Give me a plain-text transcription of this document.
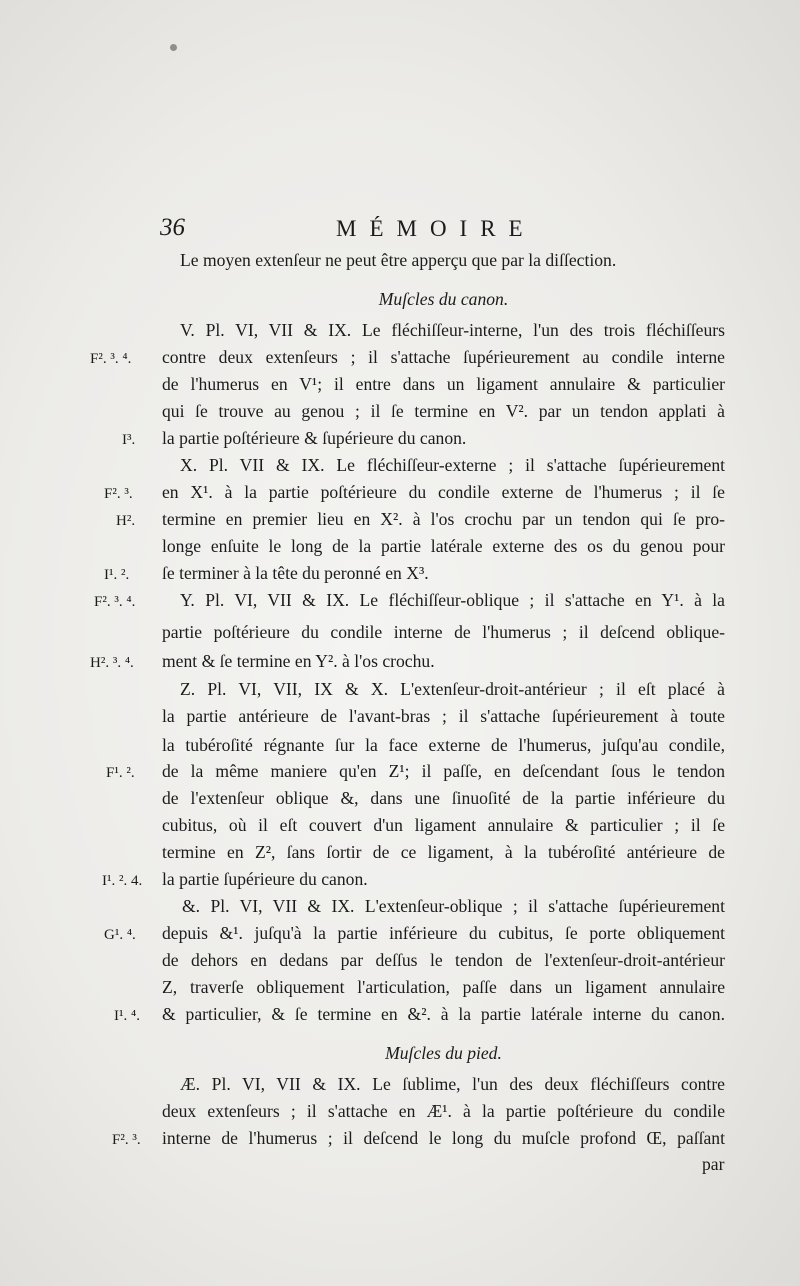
36	MÉMOIRE
Le moyen extenſeur ne peut être apperçu que par la diſſection.
Muſcles du canon.
V. Pl. VI, VII & IX. Le fléchiſſeur-interne, l'un des trois fléchiſſeurs
contre deux extenſeurs ; il s'attache ſupérieurement au condile interne
de l'humerus en V¹; il entre dans un ligament annulaire & particulier
qui ſe trouve au genou ; il ſe termine en V². par un tendon applati à
la partie poſtérieure & ſupérieure du canon.
X. Pl. VII & IX. Le fléchiſſeur-externe ; il s'attache ſupérieurement
en X¹. à la partie poſtérieure du condile externe de l'humerus ; il ſe
termine en premier lieu en X². à l'os crochu par un tendon qui ſe pro-
longe enſuite le long de la partie latérale externe des os du genou pour
ſe terminer à la tête du peronné en X³.
Y. Pl. VI, VII & IX. Le fléchiſſeur-oblique ; il s'attache en Y¹. à la
partie poſtérieure du condile interne de l'humerus ; il deſcend oblique-
ment & ſe termine en Y². à l'os crochu.
Z. Pl. VI, VII, IX & X. L'extenſeur-droit-antérieur ; il eſt placé à
la partie antérieure de l'avant-bras ; il s'attache ſupérieurement à toute
la tubéroſité régnante ſur la face externe de l'humerus, juſqu'au condile,
de la même maniere qu'en Z¹; il paſſe, en deſcendant ſous le tendon
de l'extenſeur oblique &, dans une ſinuoſité de la partie inférieure du
cubitus, où il eſt couvert d'un ligament annulaire & particulier ; il ſe
termine en Z², ſans ſortir de ce ligament, à la tubéroſité antérieure de
la partie ſupérieure du canon.
&. Pl. VI, VII & IX. L'extenſeur-oblique ; il s'attache ſupérieurement
depuis &¹. juſqu'à la partie inférieure du cubitus, ſe porte obliquement
de dehors en dedans par deſſus le tendon de l'extenſeur-droit-antérieur
Z, traverſe obliquement l'articulation, paſſe dans un ligament annulaire
& particulier, & ſe termine en &². à la partie latérale interne du canon.
Muſcles du pied.
Æ. Pl. VI, VII & IX. Le ſublime, l'un des deux fléchiſſeurs contre
deux extenſeurs ; il s'attache en Æ¹. à la partie poſtérieure du condile
interne de l'humerus ; il deſcend le long du muſcle profond Œ, paſſant
F². ³. ⁴.
I³.
F². ³.
H².
I¹. ².
F². ³. ⁴.
H². ³. ⁴.
F¹. ².
I¹. ². 4.
G¹. ⁴.
I¹. ⁴.
F². ³.
par
